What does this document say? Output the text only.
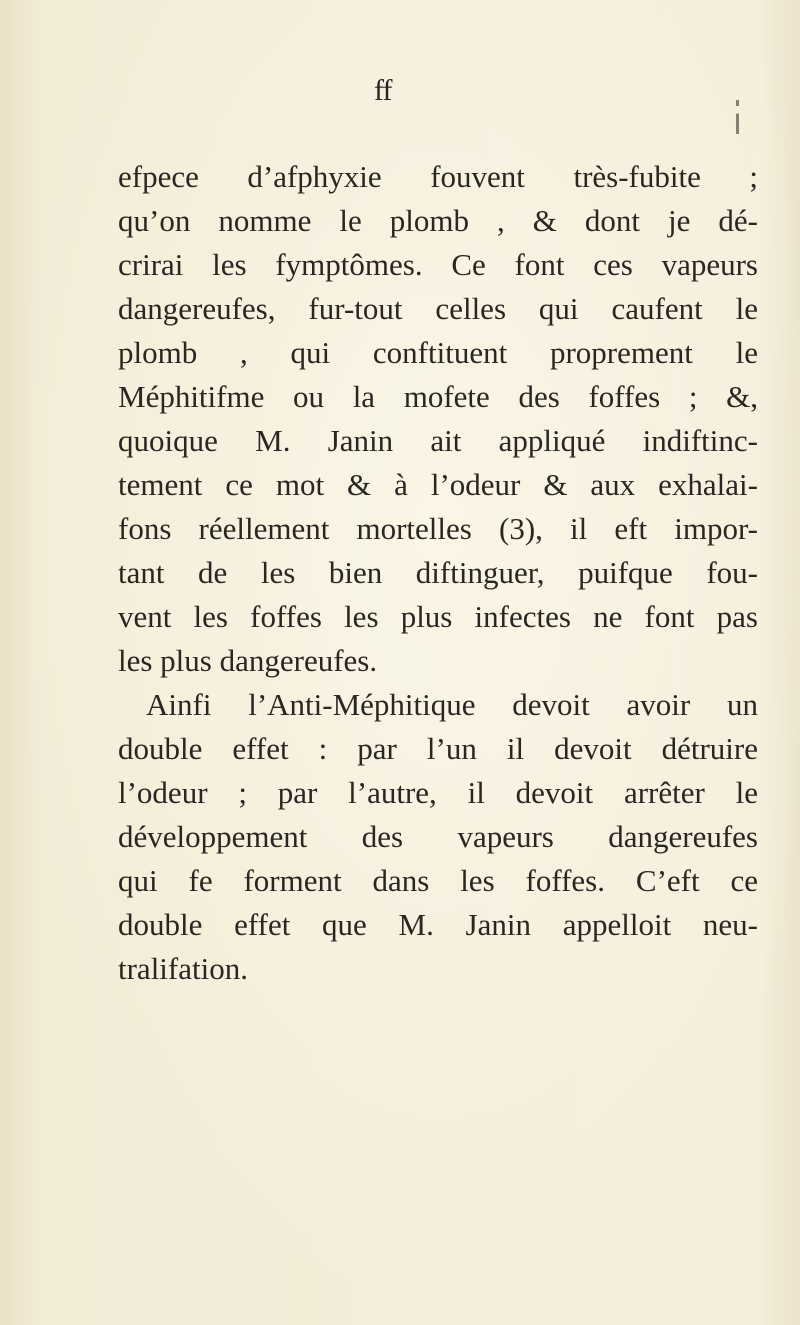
ff
efpece d’afphyxie fouvent très-fubite ;
qu’on nomme le plomb , & dont je dé-
crirai les fymptômes. Ce font ces vapeurs
dangereufes, fur-tout celles qui caufent le
plomb , qui conftituent proprement le
Méphitifme ou la mofete des foffes ; &,
quoique M. Janin ait appliqué indiftinc-
tement ce mot & à l’odeur & aux exhalai-
fons réellement mortelles (3), il eft impor-
tant de les bien diftinguer, puifque fou-
vent les foffes les plus infectes ne font pas
les plus dangereufes.
Ainfi l’Anti-Méphitique devoit avoir un
double effet : par l’un il devoit détruire
l’odeur ; par l’autre, il devoit arrêter le
développement des vapeurs dangereufes
qui fe forment dans les foffes. C’eft ce
double effet que M. Janin appelloit neu-
tralifation.
